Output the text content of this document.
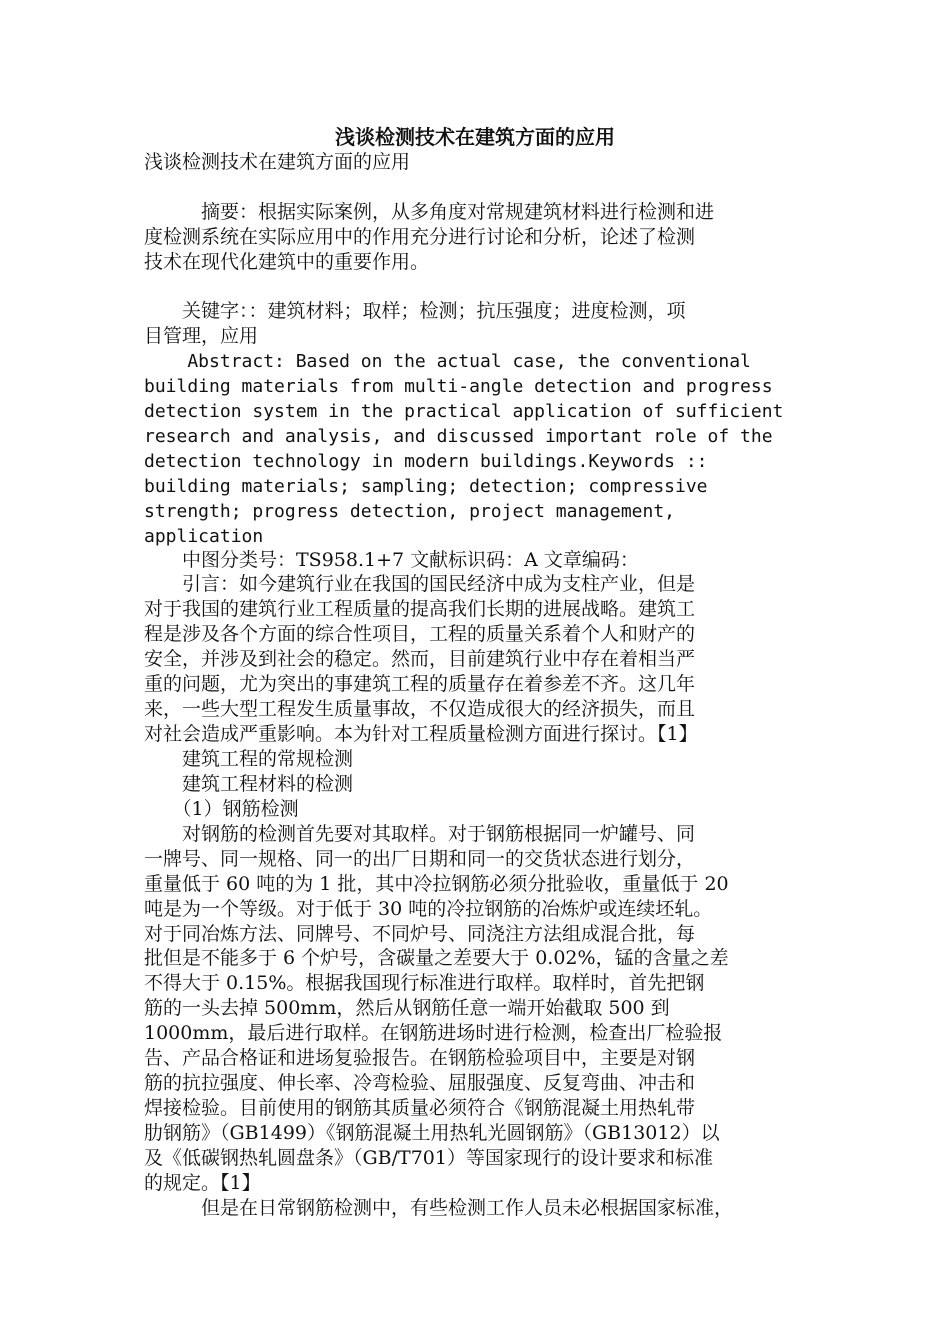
浅谈检测技术在建筑方面的应用
浅谈检测技术在建筑方面的应用
　　　摘要：根据实际案例，从多角度对常规建筑材料进行检测和进
度检测系统在实际应用中的作用充分进行讨论和分析，论述了检测
技术在现代化建筑中的重要作用。
　　关键字：：建筑材料；取样；检测；抗压强度；进度检测，项
目管理，应用
Abstract: Based on the actual case, the conventional
building materials from multi-angle detection and progress
detection system in the practical application of sufficient
research and analysis, and discussed important role of the
detection technology in modern buildings.Keywords ::
building materials; sampling; detection; compressive
strength; progress detection, project management,
application
　　中图分类号：TS958.1+7 文献标识码：A 文章编码：
　　引言：如今建筑行业在我国的国民经济中成为支柱产业，但是
对于我国的建筑行业工程质量的提高我们长期的进展战略。建筑工
程是涉及各个方面的综合性项目，工程的质量关系着个人和财产的
安全，并涉及到社会的稳定。然而，目前建筑行业中存在着相当严
重的问题，尤为突出的事建筑工程的质量存在着参差不齐。这几年
来，一些大型工程发生质量事故，不仅造成很大的经济损失，而且
对社会造成严重影响。本为针对工程质量检测方面进行探讨。【1】
　　建筑工程的常规检测
　　建筑工程材料的检测
　　（1）钢筋检测
　　对钢筋的检测首先要对其取样。对于钢筋根据同一炉罐号、同
一牌号、同一规格、同一的出厂日期和同一的交货状态进行划分，
重量低于 60 吨的为 1 批，其中冷拉钢筋必须分批验收，重量低于 20
吨是为一个等级。对于低于 30 吨的冷拉钢筋的冶炼炉或连续坯轧。
对于同冶炼方法、同牌号、不同炉号、同浇注方法组成混合批，每
批但是不能多于 6 个炉号，含碳量之差要大于 0.02%，锰的含量之差
不得大于 0.15%。根据我国现行标准进行取样。取样时，首先把钢
筋的一头去掉 500mm，然后从钢筋任意一端开始截取 500 到
1000mm，最后进行取样。在钢筋进场时进行检测，检查出厂检验报
告、产品合格证和进场复验报告。在钢筋检验项目中，主要是对钢
筋的抗拉强度、伸长率、冷弯检验、屈服强度、反复弯曲、冲击和
焊接检验。目前使用的钢筋其质量必须符合《钢筋混凝土用热轧带
肋钢筋》（GB1499）《钢筋混凝土用热轧光圆钢筋》（GB13012）以
及《低碳钢热轧圆盘条》（GB/T701）等国家现行的设计要求和标准
的规定。【1】
　　　但是在日常钢筋检测中，有些检测工作人员未必根据国家标准，
